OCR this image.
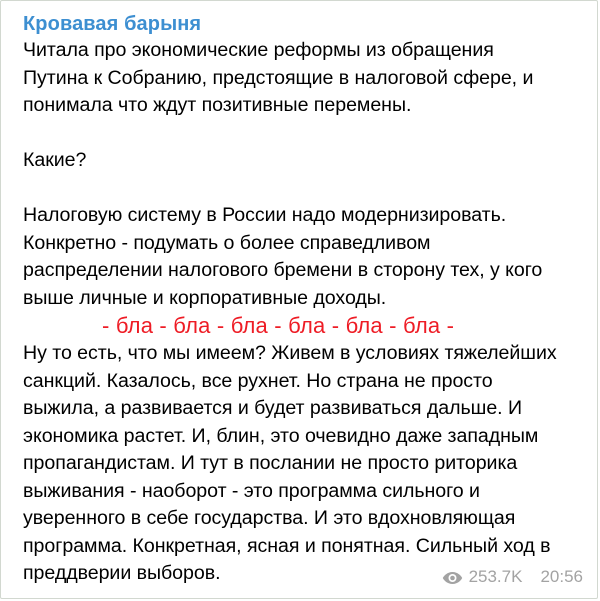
Кровавая барыня
Читала про экономические реформы из обращения
Путина к Собранию, предстоящие в налоговой сфере, и
понимала что ждут позитивные перемены.
Какие?
Налоговую систему в России надо модернизировать.
Конкретно - подумать о более справедливом
распределении налогового бремени в сторону тех, у кого
выше личные и корпоративные доходы.
- бла - бла - бла - бла - бла - бла -
Ну то есть, что мы имеем? Живем в условиях тяжелейших
санкций. Казалось, все рухнет. Но страна не просто
выжила, а развивается и будет развиваться дальше. И
экономика растет. И, блин, это очевидно даже западным
пропагандистам. И тут в послании не просто риторика
выживания - наоборот - это программа сильного и
уверенного в себе государства. И это вдохновляющая
программа. Конкретная, ясная и понятная. Сильный ход в
преддверии выборов.	253.7K 20:56
